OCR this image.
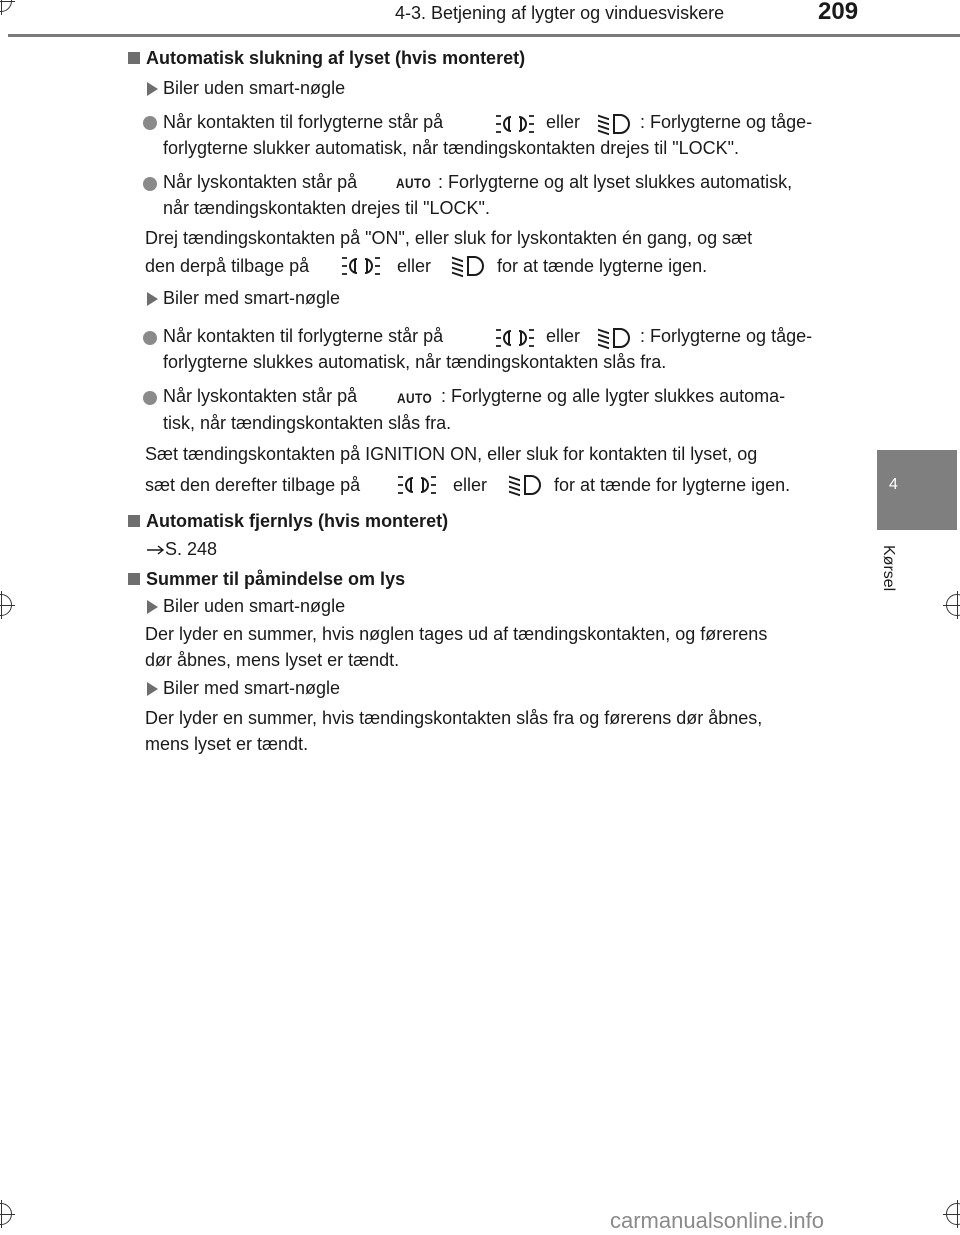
4-3. Betjening af lygter og vinduesviskere	209
4
Kørsel
Automatisk slukning af lyset (hvis monteret)
Biler uden smart-nøgle
Når kontakten til forlygterne står på	eller	: Forlygterne og tåge-
forlygterne slukker automatisk, når tændingskontakten drejes til "LOCK".
Når lyskontakten står på	AUTO : Forlygterne og alt lyset slukkes automatisk,
når tændingskontakten drejes til "LOCK".
Drej tændingskontakten på "ON", eller sluk for lyskontakten én gang, og sæt
den derpå tilbage på	eller	for at tænde lygterne igen.
Biler med smart-nøgle
Når kontakten til forlygterne står på	eller	: Forlygterne og tåge-
forlygterne slukkes automatisk, når tændingskontakten slås fra.
Når lyskontakten står på	AUTO : Forlygterne og alle lygter slukkes automa-
tisk, når tændingskontakten slås fra.
Sæt tændingskontakten på IGNITION ON, eller sluk for kontakten til lyset, og
sæt den derefter tilbage på	eller	for at tænde for lygterne igen.
Automatisk fjernlys (hvis monteret)
S. 248
Summer til påmindelse om lys
Biler uden smart-nøgle
Der lyder en summer, hvis nøglen tages ud af tændingskontakten, og førerens
dør åbnes, mens lyset er tændt.
Biler med smart-nøgle
Der lyder en summer, hvis tændingskontakten slås fra og førerens dør åbnes,
mens lyset er tændt.
carmanualsonline.info
